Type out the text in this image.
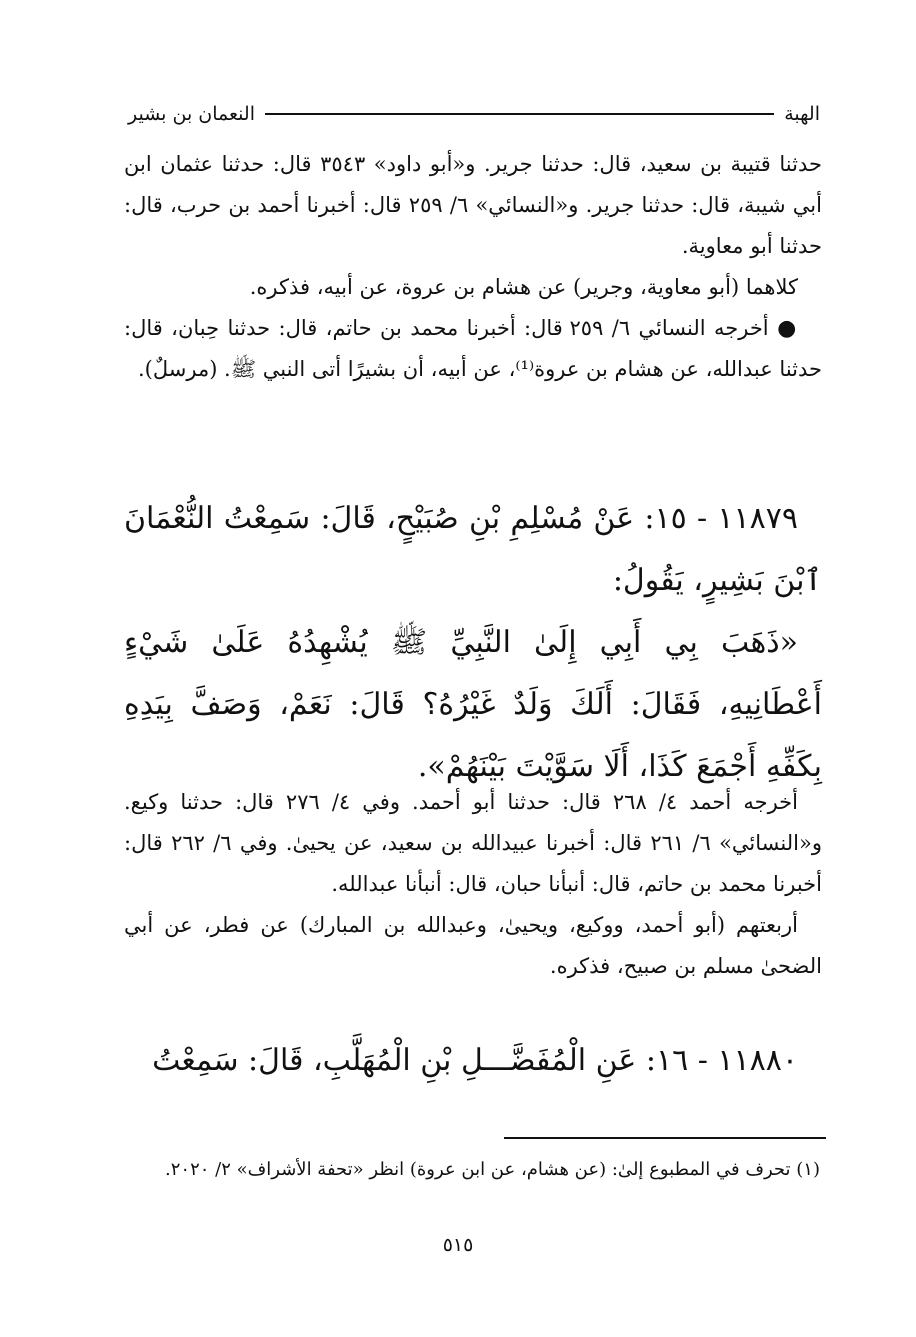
الهبة
النعمان بن بشير

حدثنا قتيبة بن سعيد، قال: حدثنا جرير. و«أبو داود» ٣٥٤٣ قال: حدثنا عثمان ابن أبي شيبة، قال: حدثنا جرير. و«النسائي» ٦/ ٢٥٩ قال: أخبرنا أحمد بن حرب، قال: حدثنا أبو معاوية.

كلاهما (أبو معاوية، وجرير) عن هشام بن عروة، عن أبيه، فذكره.

● أخرجه النسائي ٦/ ٢٥٩ قال: أخبرنا محمد بن حاتم، قال: حدثنا حِبان، قال: حدثنا عبدالله، عن هشام بن عروة⁽¹⁾، عن أبيه، أن بشيرًا أتى النبي ﷺ. (مرسلٌ).

١١٨٧٩ - ١٥: عَنْ مُسْلِمِ بْنِ صُبَيْحٍ، قَالَ: سَمِعْتُ النُّعْمَانَ ٱبْنَ بَشِيرٍ، يَقُولُ:

«ذَهَبَ بِي أَبِي إِلَىٰ النَّبِيِّ ﷺ يُشْهِدُهُ عَلَىٰ شَيْءٍ أَعْطَانِيهِ، فَقَالَ: أَلَكَ وَلَدٌ غَيْرُهُ؟ قَالَ: نَعَمْ، وَصَفَّ بِيَدِهِ بِكَفِّهِ أَجْمَعَ كَذَا، أَلَا سَوَّيْتَ بَيْنَهُمْ».

أخرجه أحمد ٤/ ٢٦٨ قال: حدثنا أبو أحمد. وفي ٤/ ٢٧٦ قال: حدثنا وكيع. و«النسائي» ٦/ ٢٦١ قال: أخبرنا عبيدالله بن سعيد، عن يحيىٰ. وفي ٦/ ٢٦٢ قال: أخبرنا محمد بن حاتم، قال: أنبأنا حبان، قال: أنبأنا عبدالله.

أربعتهم (أبو أحمد، ووكيع، ويحيىٰ، وعبدالله بن المبارك) عن فطر، عن أبي الضحىٰ مسلم بن صبيح، فذكره.

١١٨٨٠ - ١٦: عَنِ الْمُفَضَّـــلِ بْنِ الْمُهَلَّبِ، قَالَ: سَمِعْتُ

(١) تحرف في المطبوع إلىٰ: (عن هشام، عن ابن عروة) انظر «تحفة الأشراف» ٢/ ٢٠٢٠.

٥١٥
